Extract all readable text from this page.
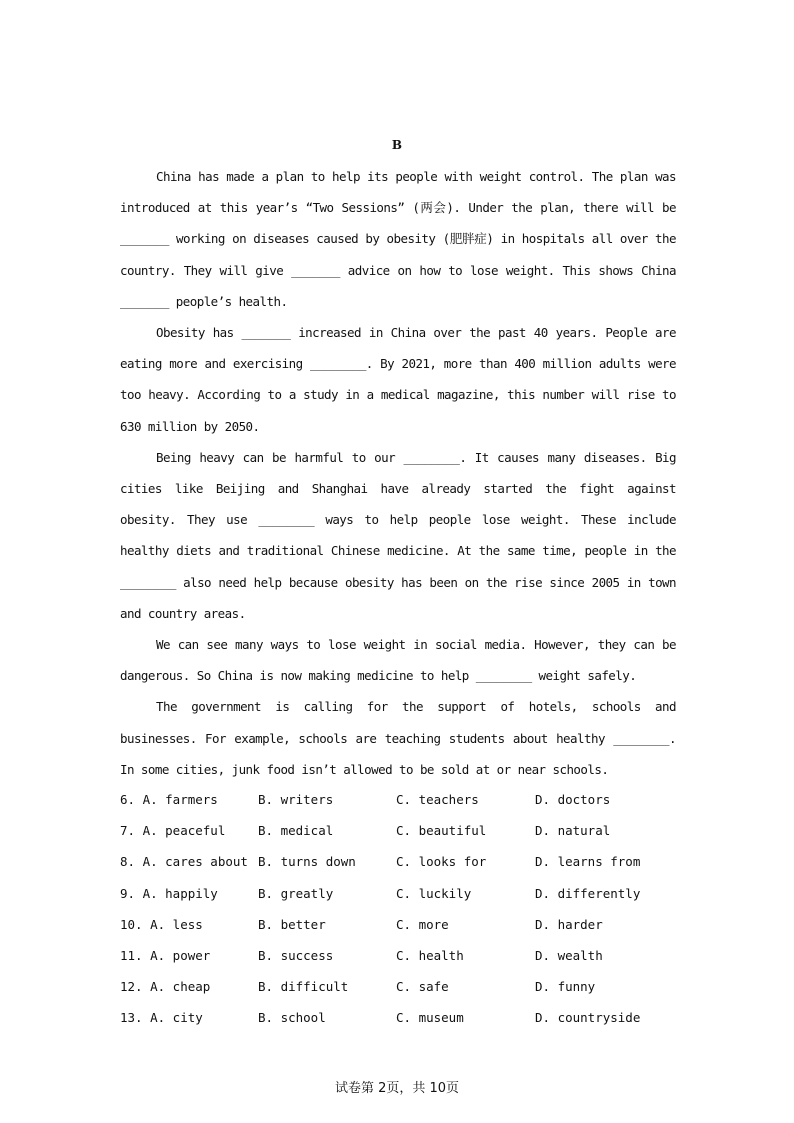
B

China has made a plan to help its people with weight control. The plan was introduced at this year’s “Two Sessions” (两会). Under the plan, there will be _______ working on diseases caused by obesity (肥胖症) in hospitals all over the country. They will give _______ advice on how to lose weight. This shows China _______ people’s health.

Obesity has _______ increased in China over the past 40 years. People are eating more and exercising ________. By 2021, more than 400 million adults were too heavy. According to a study in a medical magazine, this number will rise to 630 million by 2050.

Being heavy can be harmful to our ________. It causes many diseases. Big cities like Beijing and Shanghai have already started the fight against obesity. They use ________ ways to help people lose weight. These include healthy diets and traditional Chinese medicine. At the same time, people in the ________ also need help because obesity has been on the rise since 2005 in town and country areas.

We can see many ways to lose weight in social media. However, they can be dangerous. So China is now making medicine to help ________ weight safely.

The government is calling for the support of hotels, schools and businesses. For example, schools are teaching students about healthy ________. In some cities, junk food isn’t allowed to be sold at or near schools.

6. A. farmers	B. writers	C. teachers	D. doctors
7. A. peaceful	B. medical	C. beautiful	D. natural
8. A. cares about B. turns down	C. looks for	D. learns from
9. A. happily	B. greatly	C. luckily	D. differently
10. A. less	B. better	C. more	D. harder
11. A. power	B. success	C. health	D. wealth
12. A. cheap	B. difficult	C. safe	D. funny
13. A. city	B. school	C. museum	D. countryside
试卷第 2页，共 10页
